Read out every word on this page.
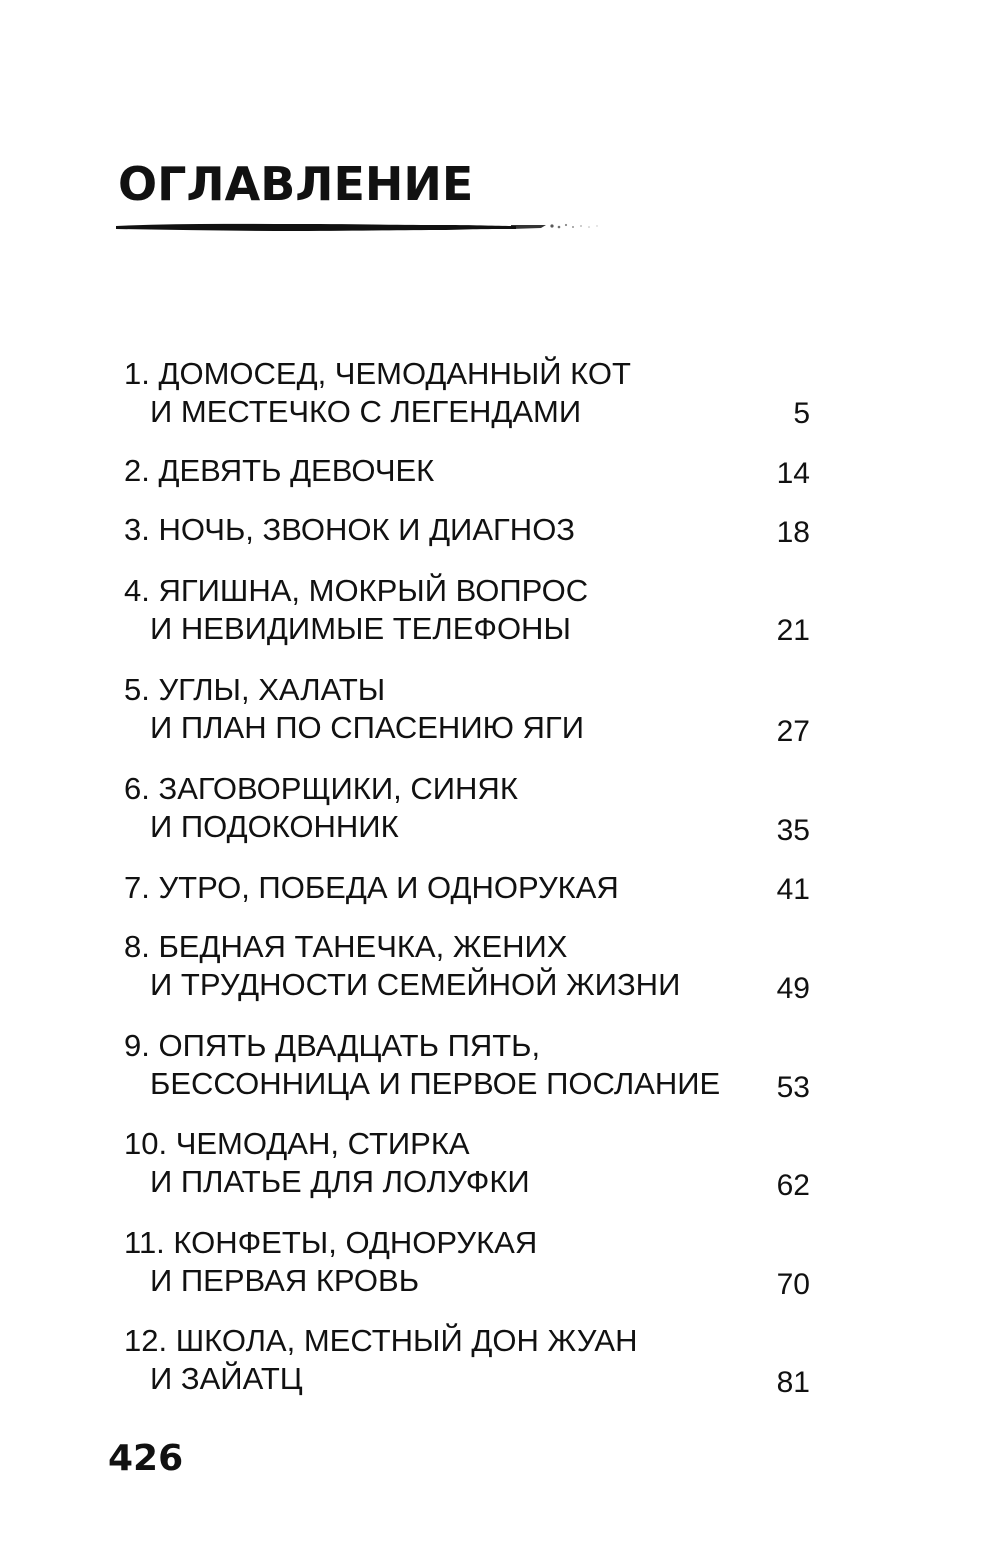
ОГЛАВЛЕНИЕ
1. ДОМОСЕД, ЧЕМОДАННЫЙ КОТ
И МЕСТЕЧКО С ЛЕГЕНДАМИ	5
2. ДЕВЯТЬ ДЕВОЧЕК	14
3. НОЧЬ, ЗВОНОК И ДИАГНОЗ	18
4. ЯГИШНА, МОКРЫЙ ВОПРОС
И НЕВИДИМЫЕ ТЕЛЕФОНЫ	21
5. УГЛЫ, ХАЛАТЫ
И ПЛАН ПО СПАСЕНИЮ ЯГИ	27
6. ЗАГОВОРЩИКИ, СИНЯК
И ПОДОКОННИК	35
7. УТРО, ПОБЕДА И ОДНОРУКАЯ	41
8. БЕДНАЯ ТАНЕЧКА, ЖЕНИХ
И ТРУДНОСТИ СЕМЕЙНОЙ ЖИЗНИ	49
9. ОПЯТЬ ДВАДЦАТЬ ПЯТЬ,
БЕССОННИЦА И ПЕРВОЕ ПОСЛАНИЕ 53
10. ЧЕМОДАН, СТИРКА
И ПЛАТЬЕ ДЛЯ ЛОЛУФКИ	62
11. КОНФЕТЫ, ОДНОРУКАЯ
И ПЕРВАЯ КРОВЬ	70
12. ШКОЛА, МЕСТНЫЙ ДОН ЖУАН
И ЗАЙАТЦ	81
426
